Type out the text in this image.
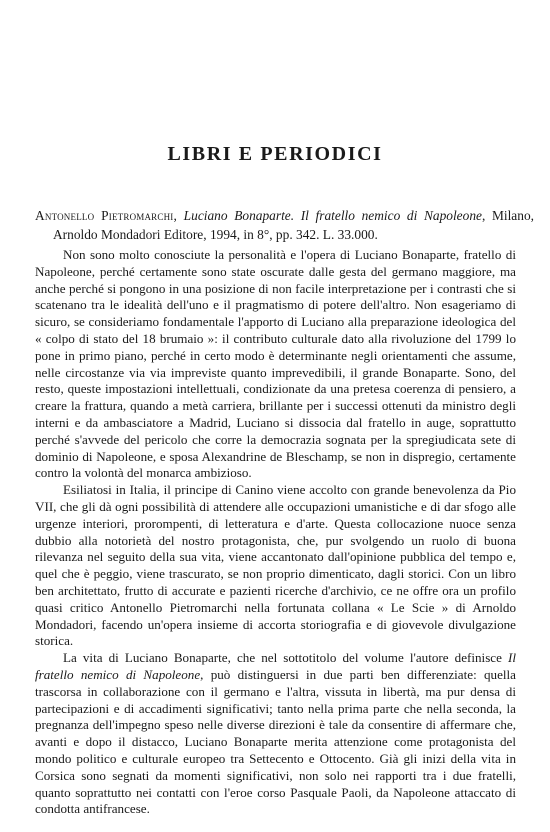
LIBRI E PERIODICI

Antonello Pietromarchi, Luciano Bonaparte. Il fratello nemico di Napoleone, Milano, Arnoldo Mondadori Editore, 1994, in 8°, pp. 342. L. 33.000.

Non sono molto conosciute la personalità e l'opera di Luciano Bonaparte, fratello di Napoleone, perché certamente sono state oscurate dalle gesta del germano maggiore, ma anche perché si pongono in una posizione di non facile interpretazione per i contrasti che si scatenano tra le idealità dell'uno e il pragmatismo di potere dell'altro. Non esageriamo di sicuro, se consideriamo fondamentale l'apporto di Luciano alla preparazione ideologica del « colpo di stato del 18 brumaio »: il contributo culturale dato alla rivoluzione del 1799 lo pone in primo piano, perché in certo modo è determinante negli orientamenti che assume, nelle circostanze via via impreviste quanto imprevedibili, il grande Bonaparte. Sono, del resto, queste impostazioni intellettuali, condizionate da una pretesa coerenza di pensiero, a creare la frattura, quando a metà carriera, brillante per i successi ottenuti da ministro degli interni e da ambasciatore a Madrid, Luciano si dissocia dal fratello in auge, soprattutto perché s'avvede del pericolo che corre la democrazia sognata per la spregiudicata sete di dominio di Napoleone, e sposa Alexandrine de Bleschamp, se non in dispregio, certamente contro la volontà del monarca ambizioso.

Esiliatosi in Italia, il principe di Canino viene accolto con grande benevolenza da Pio VII, che gli dà ogni possibilità di attendere alle occupazioni umanistiche e di dar sfogo alle urgenze interiori, prorompenti, di letteratura e d'arte. Questa collocazione nuoce senza dubbio alla notorietà del nostro protagonista, che, pur svolgendo un ruolo di buona rilevanza nel seguito della sua vita, viene accantonato dall'opinione pubblica del tempo e, quel che è peggio, viene trascurato, se non proprio dimenticato, dagli storici. Con un libro ben architettato, frutto di accurate e pazienti ricerche d'archivio, ce ne offre ora un profilo quasi critico Antonello Pietromarchi nella fortunata collana « Le Scie » di Arnoldo Mondadori, facendo un'opera insieme di accorta storiografia e di giovevole divulgazione storica.

La vita di Luciano Bonaparte, che nel sottotitolo del volume l'autore definisce Il fratello nemico di Napoleone, può distinguersi in due parti ben differenziate: quella trascorsa in collaborazione con il germano e l'altra, vissuta in libertà, ma pur densa di partecipazioni e di accadimenti significativi; tanto nella prima parte che nella seconda, la pregnanza dell'impegno speso nelle diverse direzioni è tale da consentire di affermare che, avanti e dopo il distacco, Luciano Bonaparte merita attenzione come protagonista del mondo politico e culturale europeo tra Settecento e Ottocento. Già gli inizi della vita in Corsica sono segnati da momenti significativi, non solo nei rapporti tra i due fratelli, quanto soprattutto nei contatti con l'eroe corso Pasquale Paoli, da Napoleone attaccato di condotta antifrancese.
